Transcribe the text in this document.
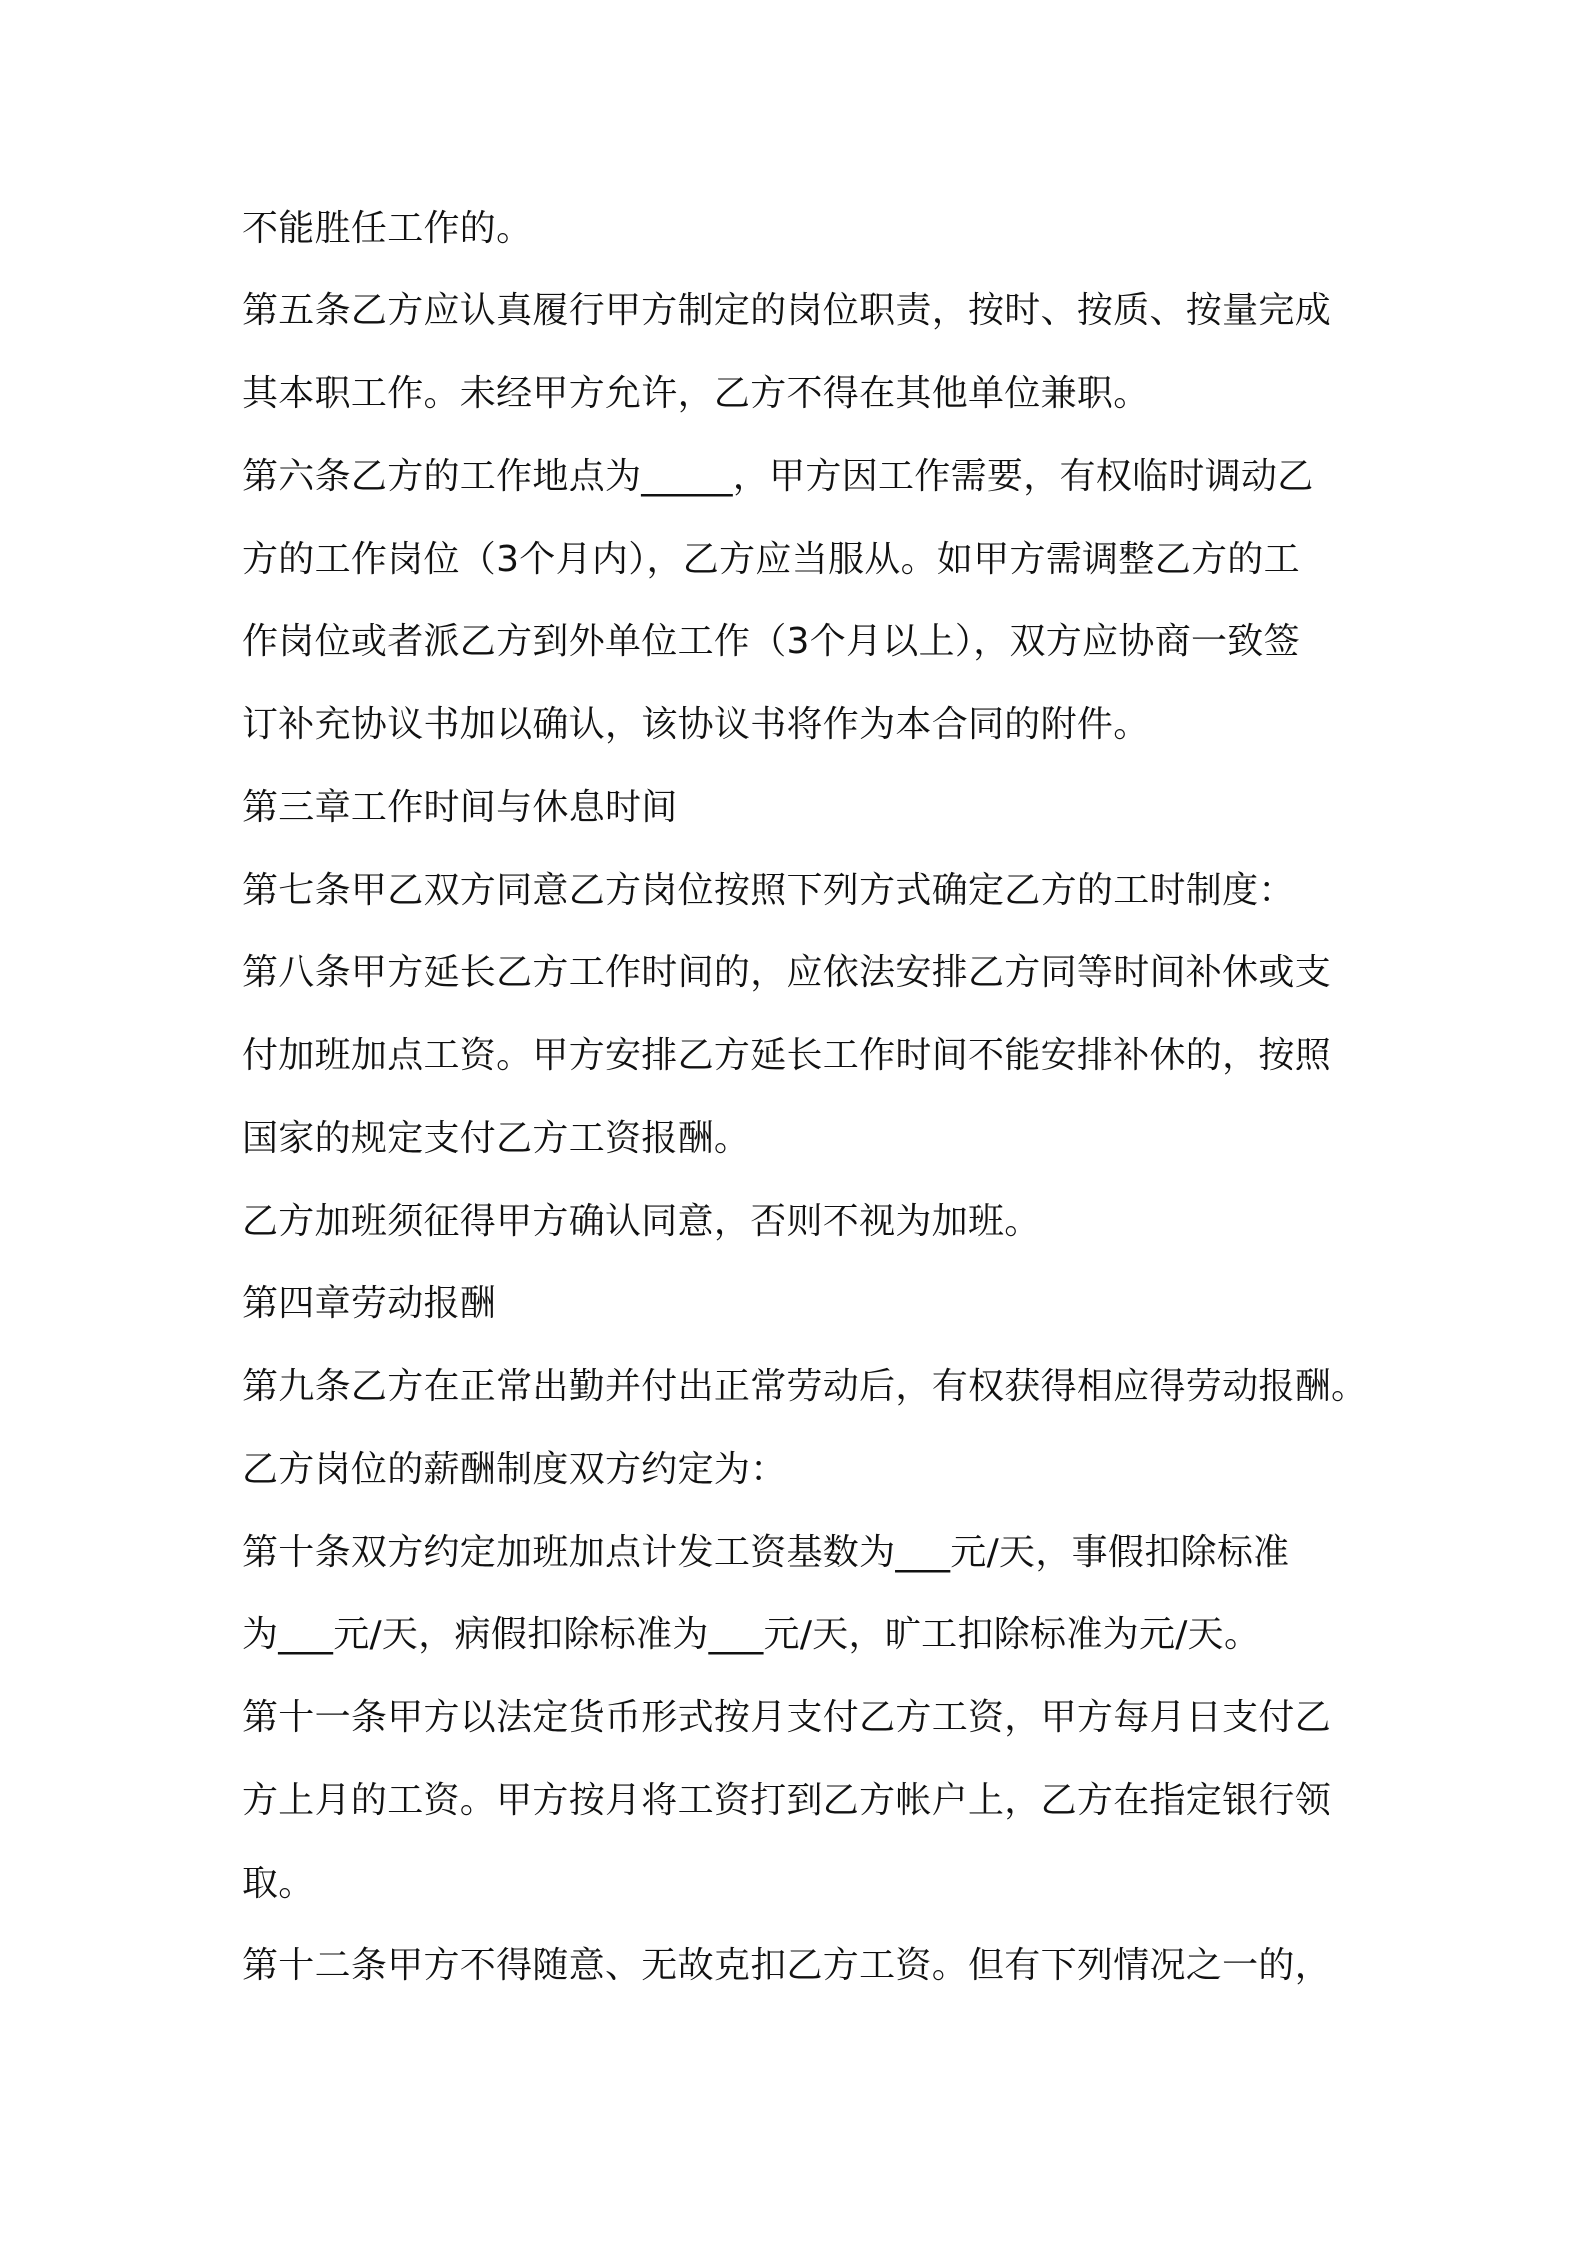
不能胜任工作的。

第五条乙方应认真履行甲方制定的岗位职责，按时、按质、按量完成

其本职工作。未经甲方允许，乙方不得在其他单位兼职。

第六条乙方的工作地点为_____，甲方因工作需要，有权临时调动乙

方的工作岗位（3个月内），乙方应当服从。如甲方需调整乙方的工

作岗位或者派乙方到外单位工作（3个月以上），双方应协商一致签

订补充协议书加以确认，该协议书将作为本合同的附件。

第三章工作时间与休息时间

第七条甲乙双方同意乙方岗位按照下列方式确定乙方的工时制度：

第八条甲方延长乙方工作时间的，应依法安排乙方同等时间补休或支

付加班加点工资。甲方安排乙方延长工作时间不能安排补休的，按照

国家的规定支付乙方工资报酬。

乙方加班须征得甲方确认同意，否则不视为加班。

第四章劳动报酬

第九条乙方在正常出勤并付出正常劳动后，有权获得相应得劳动报酬。

乙方岗位的薪酬制度双方约定为：

第十条双方约定加班加点计发工资基数为___元/天，事假扣除标准

为___元/天，病假扣除标准为___元/天，旷工扣除标准为元/天。

第十一条甲方以法定货币形式按月支付乙方工资，甲方每月日支付乙

方上月的工资。甲方按月将工资打到乙方帐户上，乙方在指定银行领

取。

第十二条甲方不得随意、无故克扣乙方工资。但有下列情况之一的，
